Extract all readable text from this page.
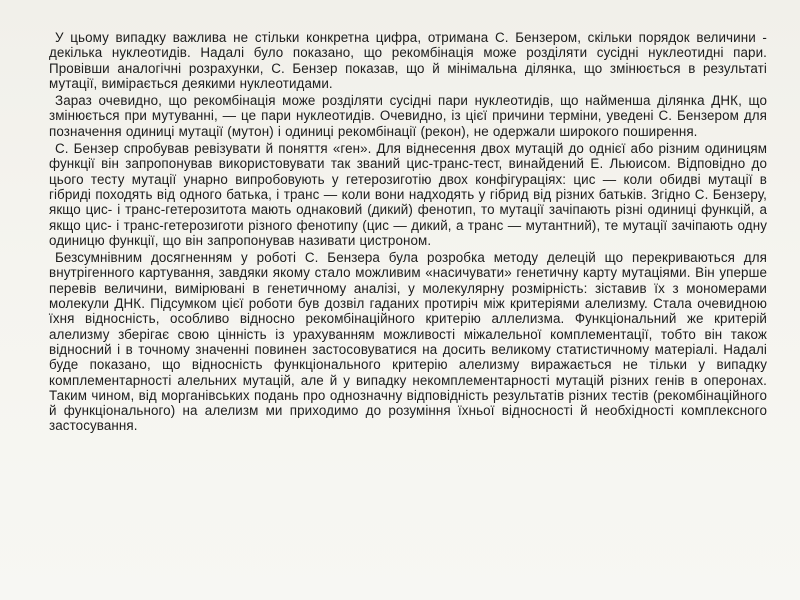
У цьому випадку важлива не стільки конкретна цифра, отримана С. Бензером, скільки порядок величини - декілька нуклеотидів. Надалі було показано, що рекомбінація може розділяти сусідні нуклеотидні пари. Провівши аналогічні розрахунки, С. Бензер показав, що й мінімальна ділянка, що змінюється в результаті мутації, вимірається деякими нуклеотидами.

Зараз очевидно, що рекомбінація може розділяти сусідні пари нуклеотидів, що найменша ділянка ДНК, що змінюється при мутуванні, — це пари нуклеотидів. Очевидно, із цієї причини терміни, уведені С. Бензером для позначення одиниці мутації (мутон) і одиниці рекомбінації (рекон), не одержали широкого поширення.

С. Бензер спробував ревізувати й поняття «ген». Для віднесення двох мутацій до однієї або різним одиницям функції він запропонував використовувати так званий цис-транс-тест, винайдений Е. Льюисом. Відповідно до цього тесту мутації унарно випробовують у гетерозиготію двох конфігурацiях: цис — коли обидві мутації в гібриді походять від одного батька, і транс — коли вони надходять у гібрид від різних батьків. Згідно С. Бензеру, якщо цис- і транс-гетерозитота мають однаковий (дикий) фенотип, то мутації зачіпають різні одиниці функцій, а якщо цис- і транс-гетерозиготи різного фенотипу (цис — дикий, а транс — мутантний), те мутації зачіпають одну одиницю функції, що він запропонував називати цистроном.

Безсумнівним досягненням у роботі С. Бензера була розробка методу делецій що перекриваються для внутрігенного картування, завдяки якому стало можливим «насичувати» генетичну карту мутаціями. Він уперше перевів величини, вимірювані в генетичному аналізі, у молекулярну розмірність: зіставив їх з мономерами молекули ДНК. Підсумком цієї роботи був дозвіл гаданих протиріч між критеріями алелизму. Стала очевидною їхня відносність, особливо відносно рекомбінаційного критерію аллелизма. Функціональний же критерій алелизму зберігає свою цінність із урахуванням можливості міжалельної комплементації, тобто він також відносний і в точному значенні повинен застосовуватися на досить великому статистичному матеріалі. Надалі буде показано, що відносність функціонального критерію алелизму виражається не тільки у випадку комплементарності алельних мутацій, але й у випадку некомплементарності мутацій різних генів в оперонах. Таким чином, від морганівських подань про однозначну відповідність результатів різних тестів (рекомбінаційного й функціонального) на алелизм ми приходимо до розуміння їхньої відносності й необхідності комплексного застосування.
